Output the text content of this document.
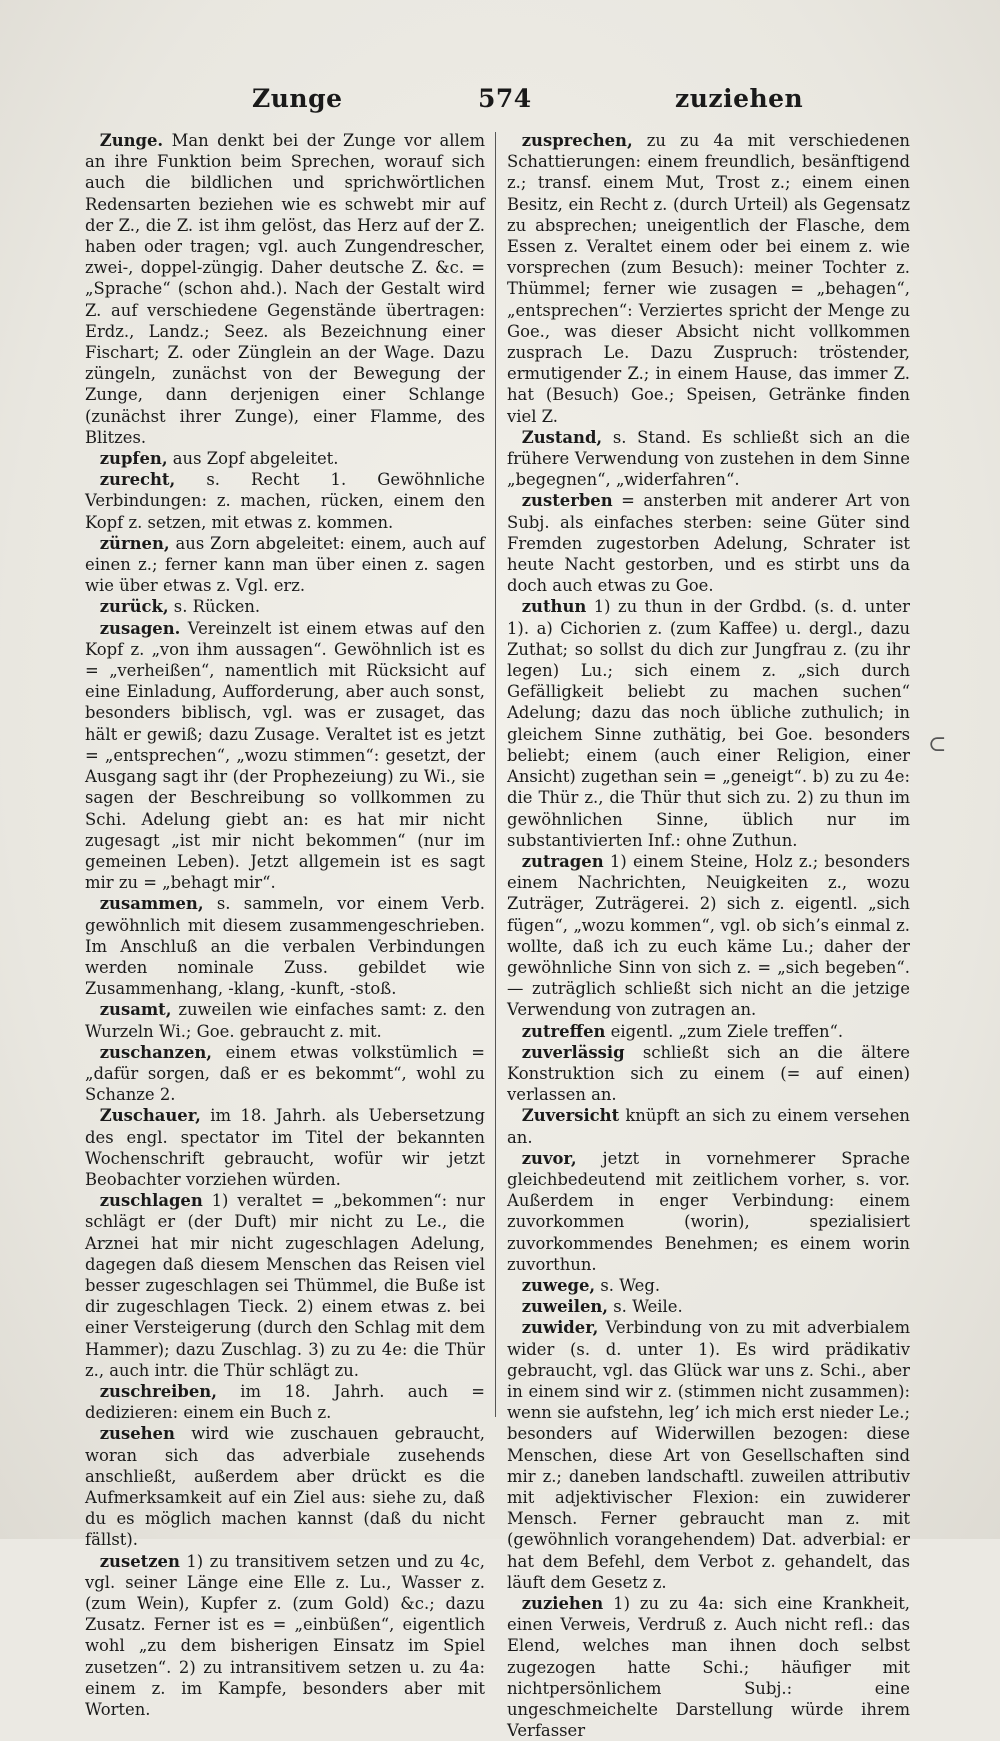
Zunge	574	zuziehen

Zunge. Man denkt bei der Zunge vor allem an ihre Funktion beim Sprechen, worauf sich auch die bildlichen und sprichwörtlichen Redensarten beziehen wie es schwebt mir auf der Z., die Z. ist ihm gelöst, das Herz auf der Z. haben oder tragen; vgl. auch Zungendrescher, zwei-, doppel-züngig. Daher deutsche Z. &c. = „Sprache“ (schon ahd.). Nach der Gestalt wird Z. auf verschiedene Gegenstände übertragen: Erdz., Landz.; Seez. als Bezeichnung einer Fischart; Z. oder Zünglein an der Wage. Dazu züngeln, zunächst von der Bewegung der Zunge, dann derjenigen einer Schlange (zunächst ihrer Zunge), einer Flamme, des Blitzes.

zupfen, aus Zopf abgeleitet.

zurecht, s. Recht 1. Gewöhnliche Verbindungen: z. machen, rücken, einem den Kopf z. setzen, mit etwas z. kommen.

zürnen, aus Zorn abgeleitet: einem, auch auf einen z.; ferner kann man über einen z. sagen wie über etwas z. Vgl. erz.

zurück, s. Rücken.

zusagen. Vereinzelt ist einem etwas auf den Kopf z. „von ihm aussagen“. Gewöhnlich ist es = „verheißen“, namentlich mit Rücksicht auf eine Einladung, Aufforderung, aber auch sonst, besonders biblisch, vgl. was er zusaget, das hält er gewiß; dazu Zusage. Veraltet ist es jetzt = „entsprechen“, „wozu stimmen“: gesetzt, der Ausgang sagt ihr (der Prophezeiung) zu Wi., sie sagen der Beschreibung so vollkommen zu Schi. Adelung giebt an: es hat mir nicht zugesagt „ist mir nicht bekommen“ (nur im gemeinen Leben). Jetzt allgemein ist es sagt mir zu = „behagt mir“.

zusammen, s. sammeln, vor einem Verb. gewöhnlich mit diesem zusammengeschrieben. Im Anschluß an die verbalen Verbindungen werden nominale Zuss. gebildet wie Zusammenhang, -klang, -kunft, -stoß.

zusamt, zuweilen wie einfaches samt: z. den Wurzeln Wi.; Goe. gebraucht z. mit.

zuschanzen, einem etwas volkstümlich = „dafür sorgen, daß er es bekommt“, wohl zu Schanze 2.

Zuschauer, im 18. Jahrh. als Uebersetzung des engl. spectator im Titel der bekannten Wochenschrift gebraucht, wofür wir jetzt Beobachter vorziehen würden.

zuschlagen 1) veraltet = „bekommen“: nur schlägt er (der Duft) mir nicht zu Le., die Arznei hat mir nicht zugeschlagen Adelung, dagegen daß diesem Menschen das Reisen viel besser zugeschlagen sei Thümmel, die Buße ist dir zugeschlagen Tieck. 2) einem etwas z. bei einer Versteigerung (durch den Schlag mit dem Hammer); dazu Zuschlag. 3) zu zu 4e: die Thür z., auch intr. die Thür schlägt zu.

zuschreiben, im 18. Jahrh. auch = dedizieren: einem ein Buch z.

zusehen wird wie zuschauen gebraucht, woran sich das adverbiale zusehends anschließt, außerdem aber drückt es die Aufmerksamkeit auf ein Ziel aus: siehe zu, daß du es möglich machen kannst (daß du nicht fällst).

zusetzen 1) zu transitivem setzen und zu 4c, vgl. seiner Länge eine Elle z. Lu., Wasser z. (zum Wein), Kupfer z. (zum Gold) &c.; dazu Zusatz. Ferner ist es = „einbüßen“, eigentlich wohl „zu dem bisherigen Einsatz im Spiel zusetzen“. 2) zu intransitivem setzen u. zu 4a: einem z. im Kampfe, besonders aber mit Worten.

zusprechen, zu zu 4a mit verschiedenen Schattierungen: einem freundlich, besänftigend z.; transf. einem Mut, Trost z.; einem einen Besitz, ein Recht z. (durch Urteil) als Gegensatz zu absprechen; uneigentlich der Flasche, dem Essen z. Veraltet einem oder bei einem z. wie vorsprechen (zum Besuch): meiner Tochter z. Thümmel; ferner wie zusagen = „behagen“, „entsprechen“: Verziertes spricht der Menge zu Goe., was dieser Absicht nicht vollkommen zusprach Le. Dazu Zuspruch: tröstender, ermutigender Z.; in einem Hause, das immer Z. hat (Besuch) Goe.; Speisen, Getränke finden viel Z.

Zustand, s. Stand. Es schließt sich an die frühere Verwendung von zustehen in dem Sinne „begegnen“, „widerfahren“.

zusterben = ansterben mit anderer Art von Subj. als einfaches sterben: seine Güter sind Fremden zugestorben Adelung, Schrater ist heute Nacht gestorben, und es stirbt uns da doch auch etwas zu Goe.

zuthun 1) zu thun in der Grdbd. (s. d. unter 1). a) Cichorien z. (zum Kaffee) u. dergl., dazu Zuthat; so sollst du dich zur Jungfrau z. (zu ihr legen) Lu.; sich einem z. „sich durch Gefälligkeit beliebt zu machen suchen“ Adelung; dazu das noch übliche zuthulich; in gleichem Sinne zuthätig, bei Goe. besonders beliebt; einem (auch einer Religion, einer Ansicht) zugethan sein = „geneigt“. b) zu zu 4e: die Thür z., die Thür thut sich zu. 2) zu thun im gewöhnlichen Sinne, üblich nur im substantivierten Inf.: ohne Zuthun.

zutragen 1) einem Steine, Holz z.; besonders einem Nachrichten, Neuigkeiten z., wozu Zuträger, Zuträgerei. 2) sich z. eigentl. „sich fügen“, „wozu kommen“, vgl. ob sich’s einmal z. wollte, daß ich zu euch käme Lu.; daher der gewöhnliche Sinn von sich z. = „sich begeben“. — zuträglich schließt sich nicht an die jetzige Verwendung von zutragen an.

zutreffen eigentl. „zum Ziele treffen“.

zuverlässig schließt sich an die ältere Konstruktion sich zu einem (= auf einen) verlassen an.

Zuversicht knüpft an sich zu einem versehen an.

zuvor, jetzt in vornehmerer Sprache gleichbedeutend mit zeitlichem vorher, s. vor. Außerdem in enger Verbindung: einem zuvorkommen (worin), spezialisiert zuvorkommendes Benehmen; es einem worin zuvorthun.

zuwege, s. Weg.

zuweilen, s. Weile.

zuwider, Verbindung von zu mit adverbialem wider (s. d. unter 1). Es wird prädikativ gebraucht, vgl. das Glück war uns z. Schi., aber in einem sind wir z. (stimmen nicht zusammen): wenn sie aufstehn, leg’ ich mich erst nieder Le.; besonders auf Widerwillen bezogen: diese Menschen, diese Art von Gesellschaften sind mir z.; daneben landschaftl. zuweilen attributiv mit adjektivischer Flexion: ein zuwiderer Mensch. Ferner gebraucht man z. mit (gewöhnlich vorangehendem) Dat. adverbial: er hat dem Befehl, dem Verbot z. gehandelt, das läuft dem Gesetz z.

zuziehen 1) zu zu 4a: sich eine Krankheit, einen Verweis, Verdruß z. Auch nicht refl.: das Elend, welches man ihnen doch selbst zugezogen hatte Schi.; häufiger mit nichtpersönlichem Subj.: eine ungeschmeichelte Darstellung würde ihrem Verfasser

⊂
